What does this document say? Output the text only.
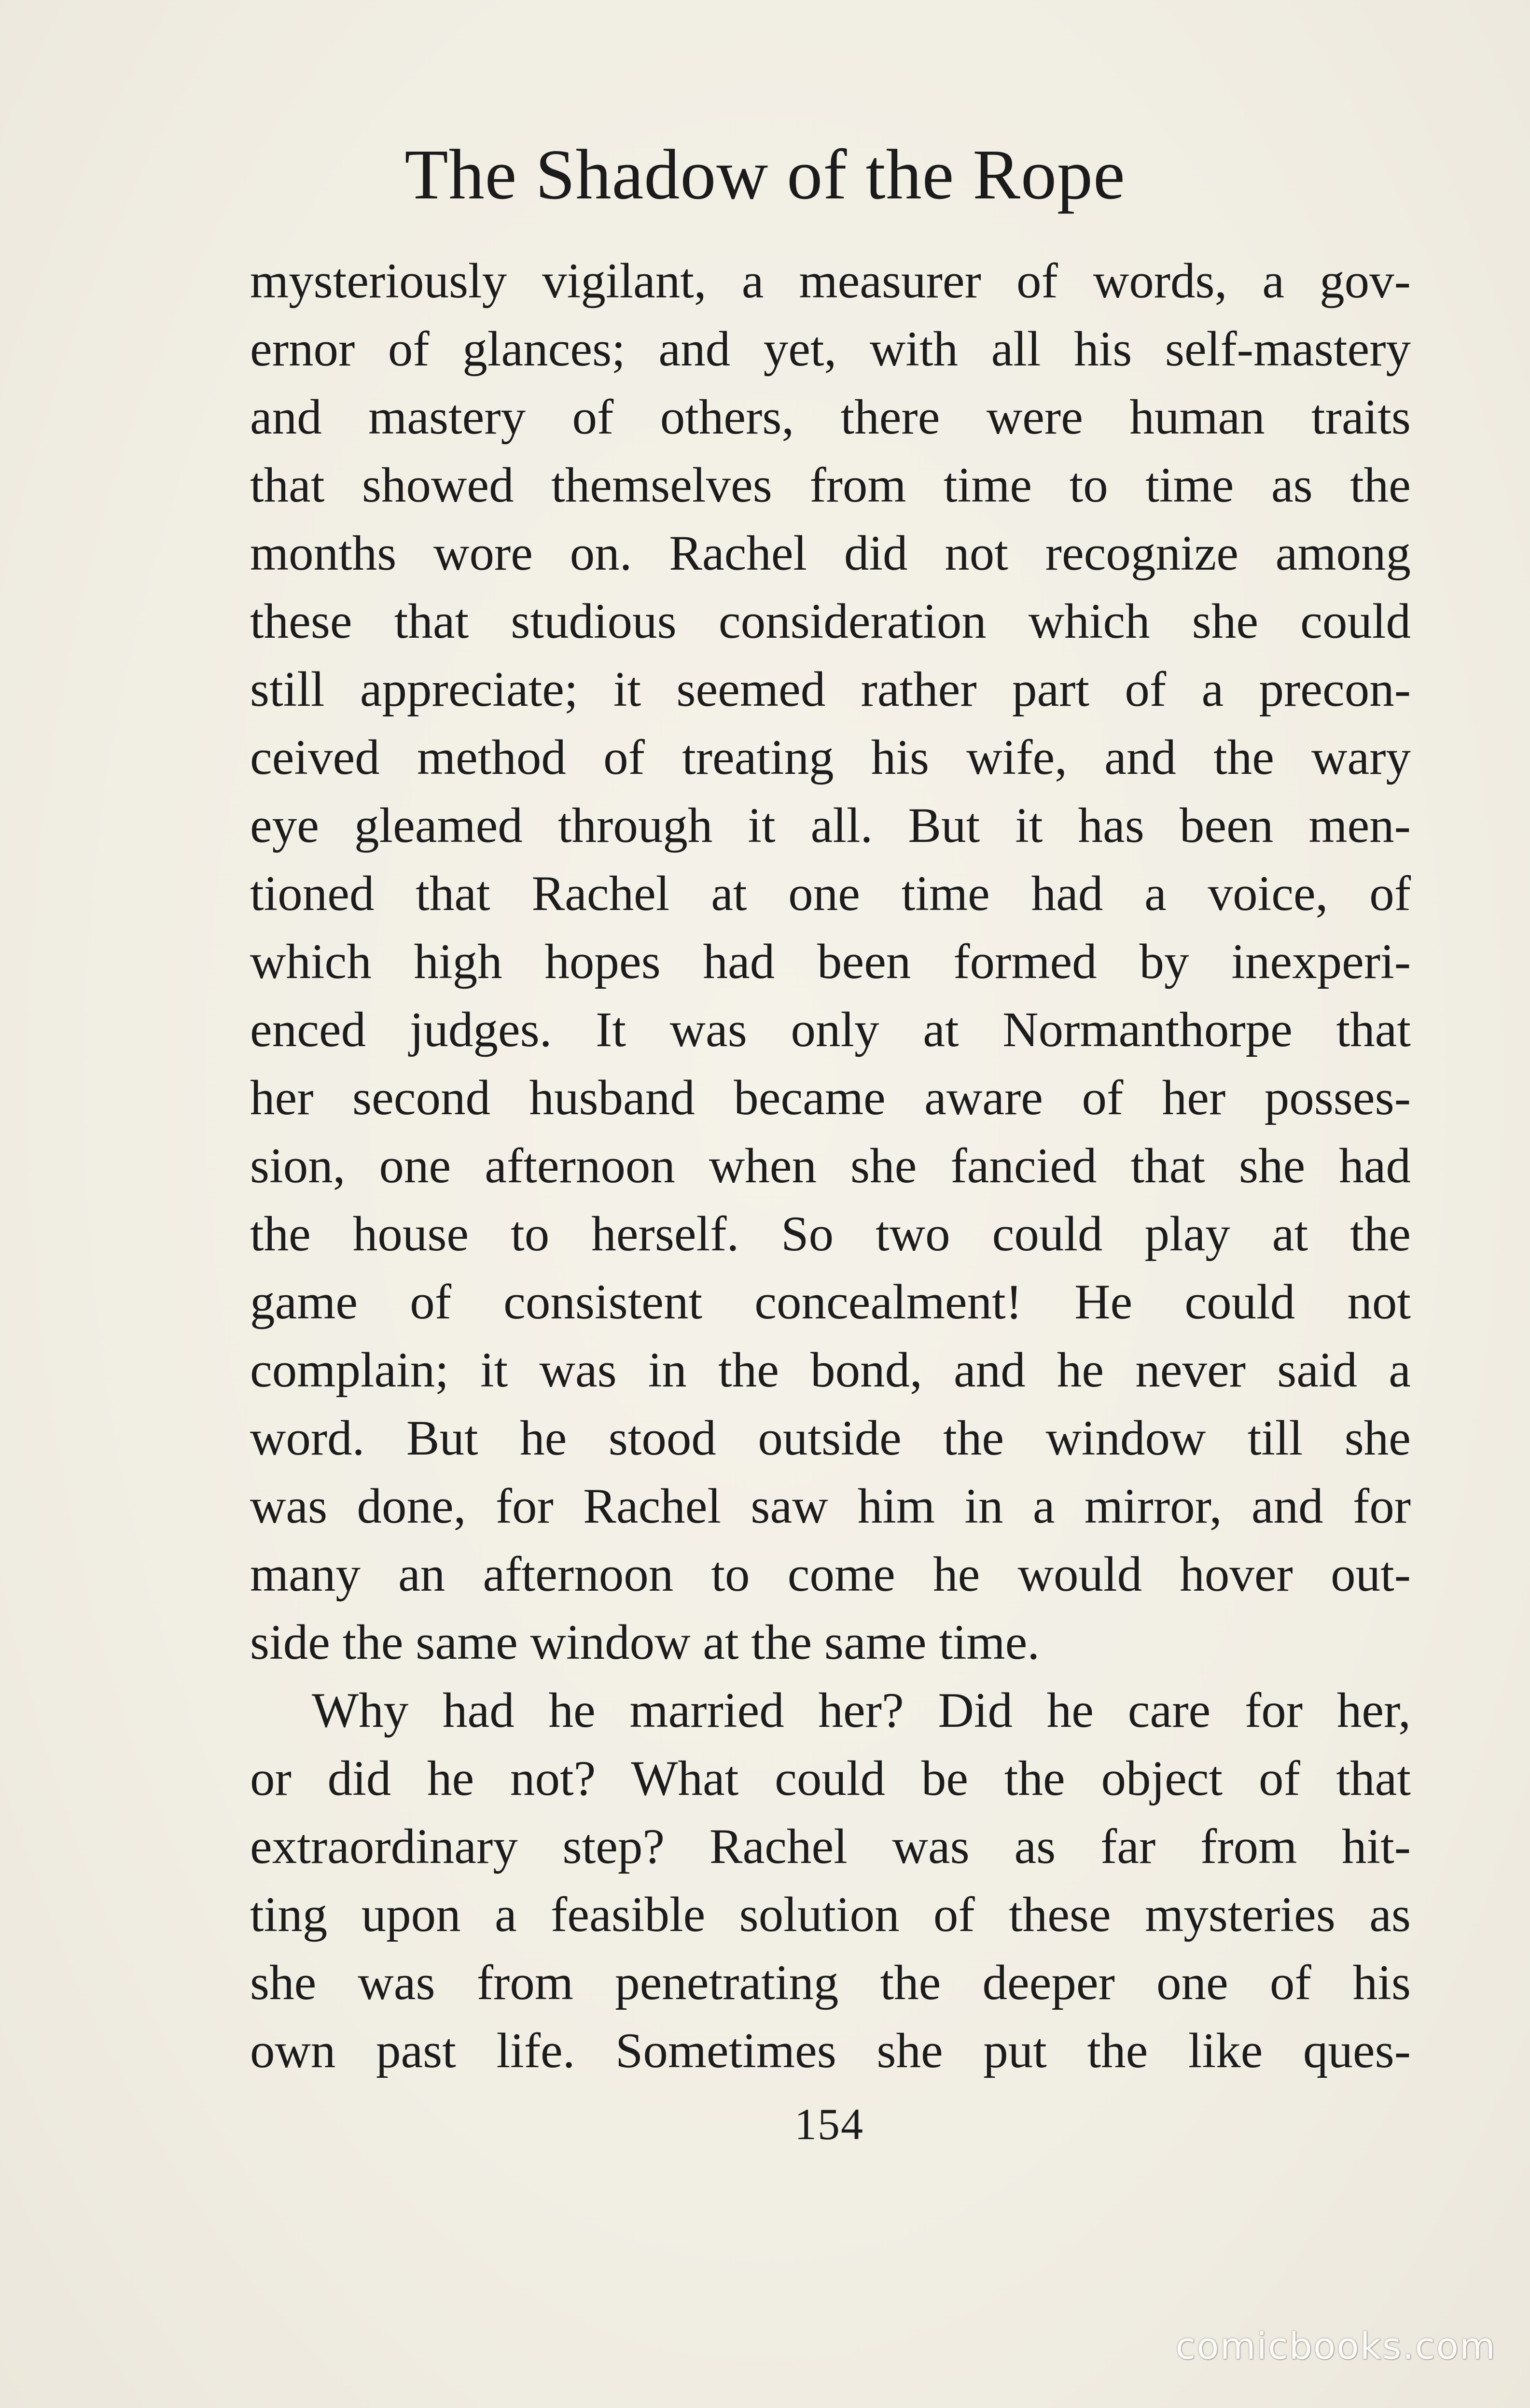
The Shadow of the Rope
mysteriously vigilant, a measurer of words, a gov-
ernor of glances; and yet, with all his self-mastery
and mastery of others, there were human traits
that showed themselves from time to time as the
months wore on. Rachel did not recognize among
these that studious consideration which she could
still appreciate; it seemed rather part of a precon-
ceived method of treating his wife, and the wary
eye gleamed through it all. But it has been men-
tioned that Rachel at one time had a voice, of
which high hopes had been formed by inexperi-
enced judges. It was only at Normanthorpe that
her second husband became aware of her posses-
sion, one afternoon when she fancied that she had
the house to herself. So two could play at the
game of consistent concealment! He could not
complain; it was in the bond, and he never said a
word. But he stood outside the window till she
was done, for Rachel saw him in a mirror, and for
many an afternoon to come he would hover out-
side the same window at the same time.
Why had he married her? Did he care for her,
or did he not? What could be the object of that
extraordinary step? Rachel was as far from hit-
ting upon a feasible solution of these mysteries as
she was from penetrating the deeper one of his
own past life. Sometimes she put the like ques-
154
comicbooks.com
